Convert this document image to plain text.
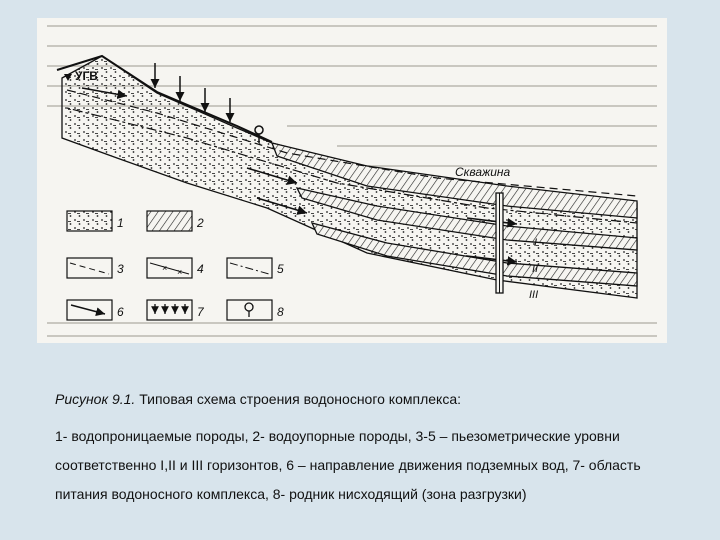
УГВ
Скважина
I
II
III
1	2
3	× × 4	5
6	7	8
Рисунок 9.1. Типовая схема строения водоносного комплекса:
1- водопроницаемые породы, 2- водоупорные породы, 3-5 – пьезометрические уровни соответственно I,II и III горизонтов, 6 – направление движения подземных вод, 7- область питания водоносного комплекса, 8- родник нисходящий (зона разгрузки)
